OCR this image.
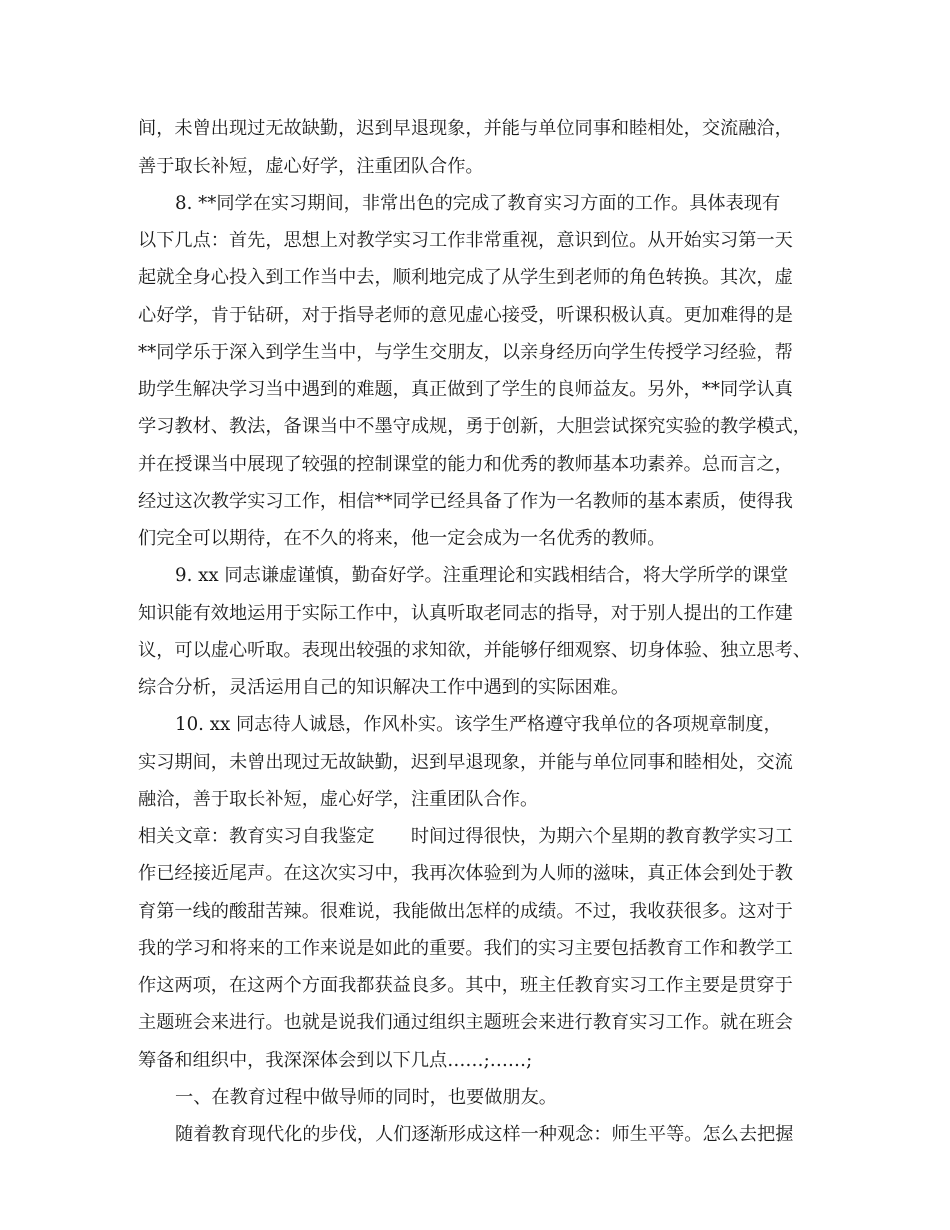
间，未曾出现过无故缺勤，迟到早退现象，并能与单位同事和睦相处，交流融洽，
善于取长补短，虚心好学，注重团队合作。
8. **同学在实习期间，非常出色的完成了教育实习方面的工作。具体表现有
以下几点：首先，思想上对教学实习工作非常重视，意识到位。从开始实习第一天
起就全身心投入到工作当中去，顺利地完成了从学生到老师的角色转换。其次，虚
心好学，肯于钻研，对于指导老师的意见虚心接受，听课积极认真。更加难得的是
**同学乐于深入到学生当中，与学生交朋友，以亲身经历向学生传授学习经验，帮
助学生解决学习当中遇到的难题，真正做到了学生的良师益友。另外，**同学认真
学习教材、教法，备课当中不墨守成规，勇于创新，大胆尝试探究实验的教学模式，
并在授课当中展现了较强的控制课堂的能力和优秀的教师基本功素养。总而言之，
经过这次教学实习工作，相信**同学已经具备了作为一名教师的基本素质，使得我
们完全可以期待，在不久的将来，他一定会成为一名优秀的教师。
9. xx 同志谦虚谨慎，勤奋好学。注重理论和实践相结合，将大学所学的课堂
知识能有效地运用于实际工作中，认真听取老同志的指导，对于别人提出的工作建
议，可以虚心听取。表现出较强的求知欲，并能够仔细观察、切身体验、独立思考、
综合分析，灵活运用自己的知识解决工作中遇到的实际困难。
10. xx 同志待人诚恳，作风朴实。该学生严格遵守我单位的各项规章制度，
实习期间，未曾出现过无故缺勤，迟到早退现象，并能与单位同事和睦相处，交流
融洽，善于取长补短，虚心好学，注重团队合作。
相关文章：教育实习自我鉴定　　时间过得很快，为期六个星期的教育教学实习工
作已经接近尾声。在这次实习中，我再次体验到为人师的滋味，真正体会到处于教
育第一线的酸甜苦辣。很难说，我能做出怎样的成绩。不过，我收获很多。这对于
我的学习和将来的工作来说是如此的重要。我们的实习主要包括教育工作和教学工
作这两项，在这两个方面我都获益良多。其中，班主任教育实习工作主要是贯穿于
主题班会来进行。也就是说我们通过组织主题班会来进行教育实习工作。就在班会
筹备和组织中，我深深体会到以下几点……;……;
一、在教育过程中做导师的同时，也要做朋友。
随着教育现代化的步伐，人们逐渐形成这样一种观念：师生平等。怎么去把握
